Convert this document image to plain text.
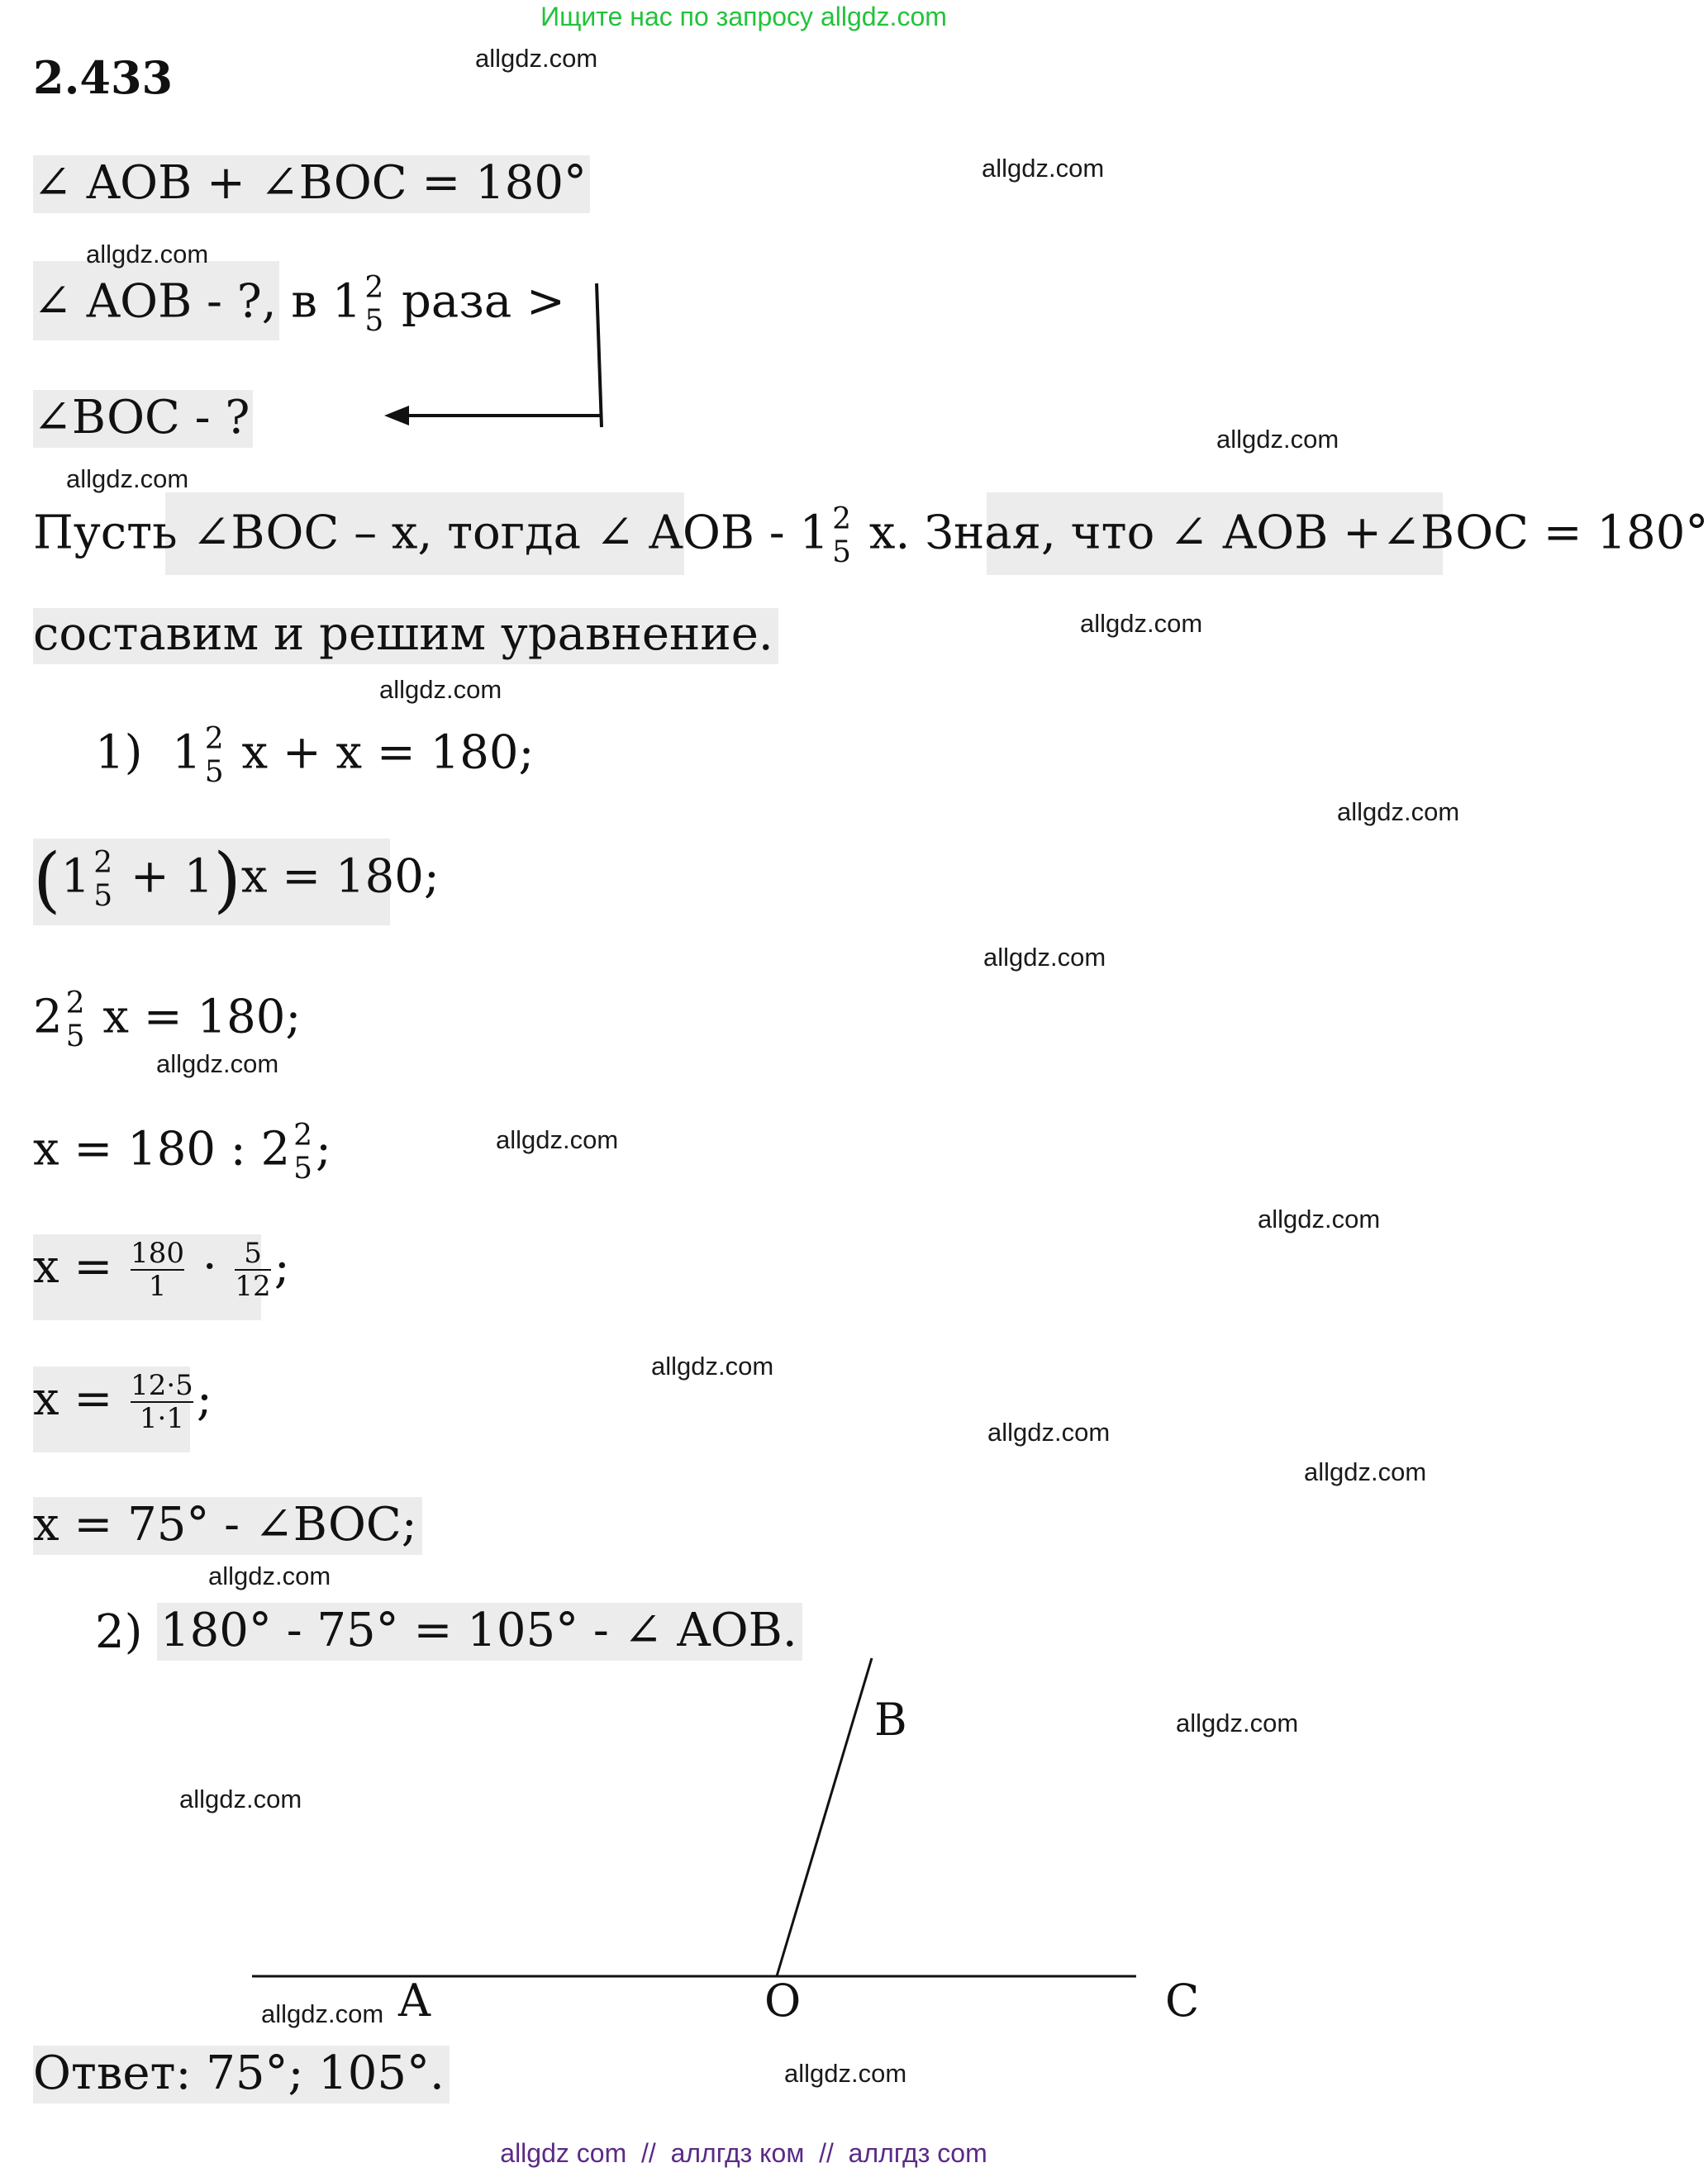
Ищите нас по запросу allgdz.com
2.433
∠ AOB + ∠BOC = 180°
∠ AOB - ?, в 1 2
5 раза >
∠BOC - ?
Пусть ∠BOC – x, тогда ∠ AOB - 1 2
5 x. Зная, что ∠ AOB +∠BOC = 180°
составим и решим уравнение.
1) 1 2
5 x + x = 180;
(1 2
5 + 1)x = 180;
2 2
5 x = 180;
x = 180 : 2 2
5 ;
$x = \frac{180}{1} \cdot \frac{5}{12}$ ;
$x = \frac{12\cdot 5}{1\cdot 1}$ ;
x = 75° - ∠BOC;
2) 180° - 75° = 105° - ∠ AOB.
A	O
B
C
Ответ: 75°; 105°.
allgdz.com
allgdz.com
allgdz.com
allgdz.com
allgdz.com
allgdz.com
allgdz.com
allgdz.com
allgdz.com
allgdz.com
allgdz.com
allgdz.com
allgdz.com
allgdz.com
allgdz.com
allgdz.com
allgdz.com
allgdz.com
allgdz.com
allgdz.com
allgdz com  //  аллгдз ком  //  аллгдз com
